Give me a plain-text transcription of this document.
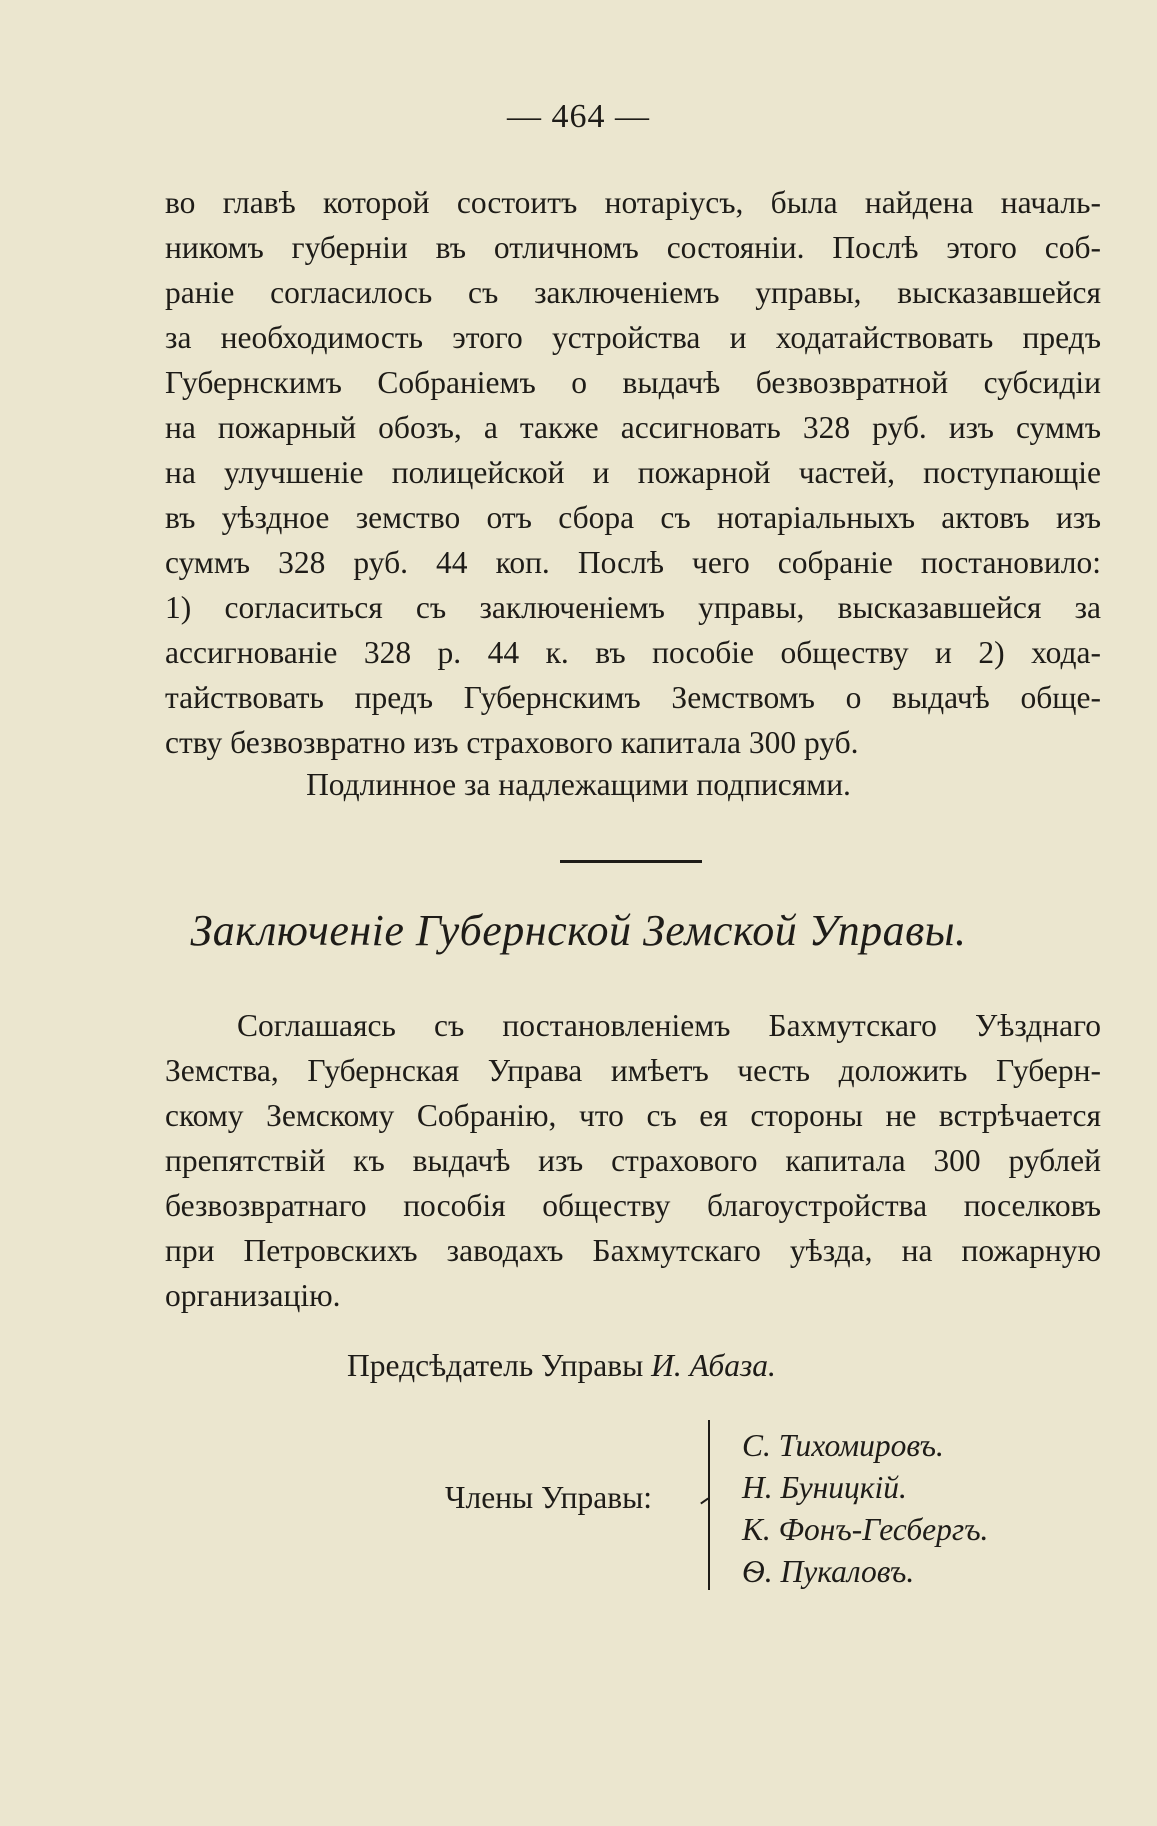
— 464 —
во главѣ которой состоитъ нотаріусъ, была найдена началь-
никомъ губерніи въ отличномъ состояніи. Послѣ этого соб-
раніе согласилось съ заключеніемъ управы, высказавшейся
за необходимость этого устройства и ходатайствовать предъ
Губернскимъ Собраніемъ о выдачѣ безвозвратной субсидіи
на пожарный обозъ, а также ассигновать 328 руб. изъ суммъ
на улучшеніе полицейской и пожарной частей, поступающіе
въ уѣздное земство отъ сбора съ нотаріальныхъ актовъ изъ
суммъ 328 руб. 44 коп. Послѣ чего собраніе постановило:
1) согласиться съ заключеніемъ управы, высказавшейся за
ассигнованіе 328 р. 44 к. въ пособіе обществу и 2) хода-
тайствовать предъ Губернскимъ Земствомъ о выдачѣ обще-
ству безвозвратно изъ страхового капитала 300 руб.
Подлинное за надлежащими подписями.
Заключеніе Губернской Земской Управы.
Соглашаясь съ постановленіемъ Бахмутскаго Уѣзднаго
Земства, Губернская Управа имѣетъ честь доложить Губерн-
скому Земскому Собранію, что съ ея стороны не встрѣчается
препятствій къ выдачѣ изъ страхового капитала 300 рублей
безвозвратнаго пособія обществу благоустройства поселковъ
при Петровскихъ заводахъ Бахмутскаго уѣзда, на пожарную
организацію.
Предсѣдатель Управы И. Абаза.
Члены Управы:
С. Тихомировъ.
Н. Буницкій.
К. Фонъ-Гесбергъ.
Ѳ. Пукаловъ.
